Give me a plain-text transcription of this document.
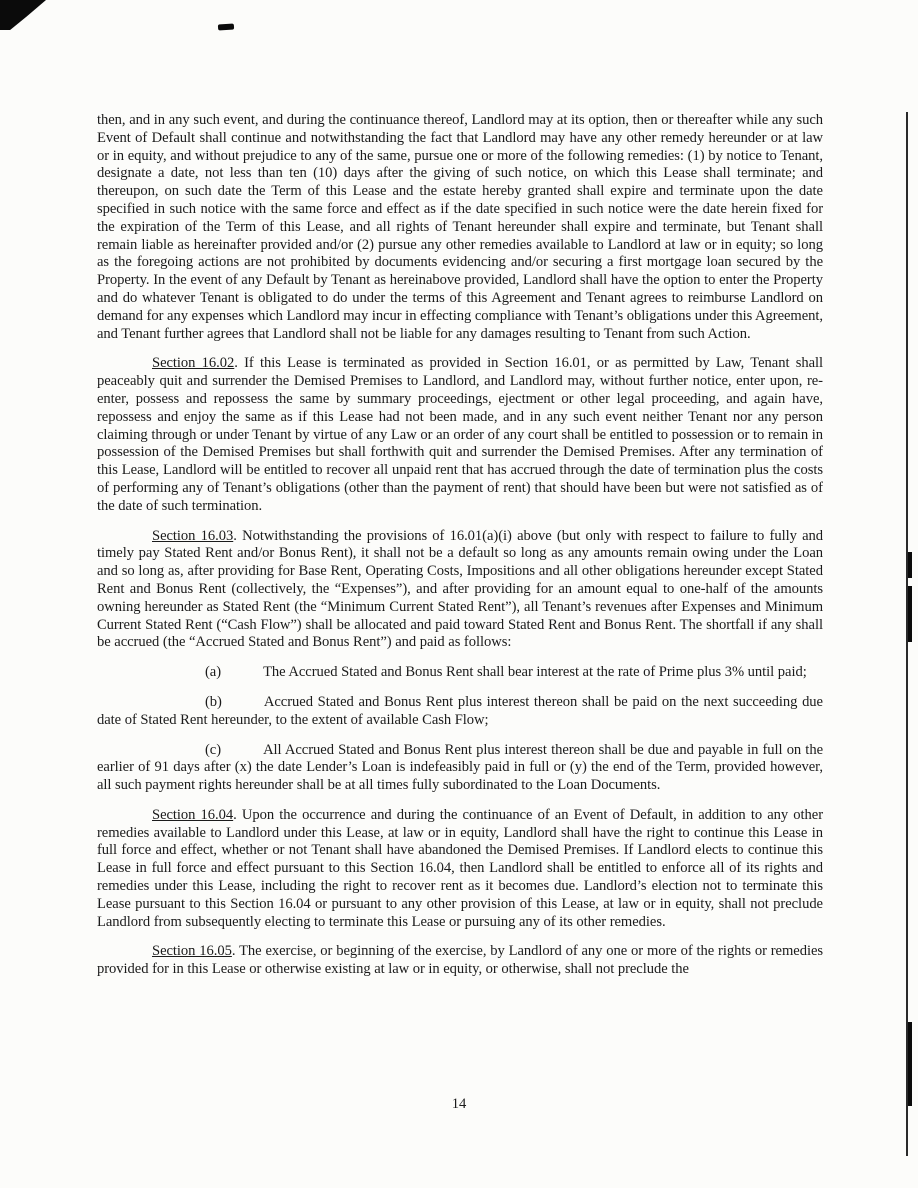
then, and in any such event, and during the continuance thereof, Landlord may at its option, then or thereafter while any such Event of Default shall continue and notwithstanding the fact that Landlord may have any other remedy hereunder or at law or in equity, and without prejudice to any of the same, pursue one or more of the following remedies: (1) by notice to Tenant, designate a date, not less than ten (10) days after the giving of such notice, on which this Lease shall terminate; and thereupon, on such date the Term of this Lease and the estate hereby granted shall expire and terminate upon the date specified in such notice with the same force and effect as if the date specified in such notice were the date herein fixed for the expiration of the Term of this Lease, and all rights of Tenant hereunder shall expire and terminate, but Tenant shall remain liable as hereinafter provided and/or (2) pursue any other remedies available to Landlord at law or in equity; so long as the foregoing actions are not prohibited by documents evidencing and/or securing a first mortgage loan secured by the Property. In the event of any Default by Tenant as hereinabove provided, Landlord shall have the option to enter the Property and do whatever Tenant is obligated to do under the terms of this Agreement and Tenant agrees to reimburse Landlord on demand for any expenses which Landlord may incur in effecting compliance with Tenant’s obligations under this Agreement, and Tenant further agrees that Landlord shall not be liable for any damages resulting to Tenant from such Action.

Section 16.02. If this Lease is terminated as provided in Section 16.01, or as permitted by Law, Tenant shall peaceably quit and surrender the Demised Premises to Landlord, and Landlord may, without further notice, enter upon, re-enter, possess and repossess the same by summary proceedings, ejectment or other legal proceeding, and again have, repossess and enjoy the same as if this Lease had not been made, and in any such event neither Tenant nor any person claiming through or under Tenant by virtue of any Law or an order of any court shall be entitled to possession or to remain in possession of the Demised Premises but shall forthwith quit and surrender the Demised Premises. After any termination of this Lease, Landlord will be entitled to recover all unpaid rent that has accrued through the date of termination plus the costs of performing any of Tenant’s obligations (other than the payment of rent) that should have been but were not satisfied as of the date of such termination.

Section 16.03. Notwithstanding the provisions of 16.01(a)(i) above (but only with respect to failure to fully and timely pay Stated Rent and/or Bonus Rent), it shall not be a default so long as any amounts remain owing under the Loan and so long as, after providing for Base Rent, Operating Costs, Impositions and all other obligations hereunder except Stated Rent and Bonus Rent (collectively, the “Expenses”), and after providing for an amount equal to one-half of the amounts owning hereunder as Stated Rent (the “Minimum Current Stated Rent”), all Tenant’s revenues after Expenses and Minimum Current Stated Rent (“Cash Flow”) shall be allocated and paid toward Stated Rent and Bonus Rent. The shortfall if any shall be accrued (the “Accrued Stated and Bonus Rent”) and paid as follows:

(a)	The Accrued Stated and Bonus Rent shall bear interest at the rate of Prime plus 3% until paid;

(b)	Accrued Stated and Bonus Rent plus interest thereon shall be paid on the next succeeding due date of Stated Rent hereunder, to the extent of available Cash Flow;

(c)	All Accrued Stated and Bonus Rent plus interest thereon shall be due and payable in full on the earlier of 91 days after (x) the date Lender’s Loan is indefeasibly paid in full or (y) the end of the Term, provided however, all such payment rights hereunder shall be at all times fully subordinated to the Loan Documents.

Section 16.04. Upon the occurrence and during the continuance of an Event of Default, in addition to any other remedies available to Landlord under this Lease, at law or in equity, Landlord shall have the right to continue this Lease in full force and effect, whether or not Tenant shall have abandoned the Demised Premises. If Landlord elects to continue this Lease in full force and effect pursuant to this Section 16.04, then Landlord shall be entitled to enforce all of its rights and remedies under this Lease, including the right to recover rent as it becomes due. Landlord’s election not to terminate this Lease pursuant to this Section 16.04 or pursuant to any other provision of this Lease, at law or in equity, shall not preclude Landlord from subsequently electing to terminate this Lease or pursuing any of its other remedies.

Section 16.05. The exercise, or beginning of the exercise, by Landlord of any one or more of the rights or remedies provided for in this Lease or otherwise existing at law or in equity, or otherwise, shall not preclude the

14
